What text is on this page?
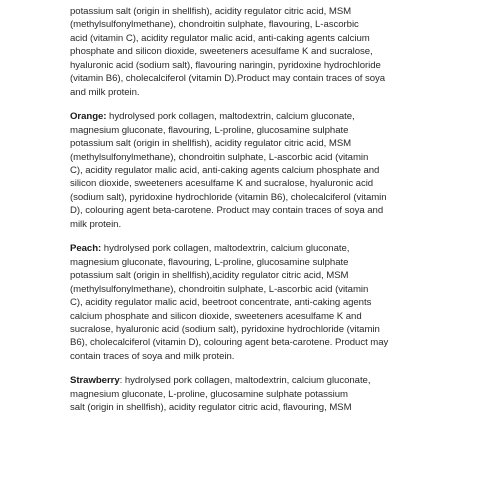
potassium salt (origin in shellfish), acidity regulator citric acid, MSM
(methylsulfonylmethane), chondroitin sulphate, flavouring, L-ascorbic
acid (vitamin C), acidity regulator malic acid, anti-caking agents calcium
phosphate and silicon dioxide, sweeteners acesulfame K and sucralose,
hyaluronic acid (sodium salt), flavouring naringin, pyridoxine hydrochloride
(vitamin B6), cholecalciferol (vitamin D).Product may contain traces of soya
and milk protein.

Orange: hydrolysed pork collagen, maltodextrin, calcium gluconate,
magnesium gluconate, flavouring, L-proline, glucosamine sulphate
potassium salt (origin in shellfish), acidity regulator citric acid, MSM
(methylsulfonylmethane), chondroitin sulphate, L-ascorbic acid (vitamin
C), acidity regulator malic acid, anti-caking agents calcium phosphate and
silicon dioxide, sweeteners acesulfame K and sucralose, hyaluronic acid
(sodium salt), pyridoxine hydrochloride (vitamin B6), cholecalciferol (vitamin
D), colouring agent beta-carotene. Product may contain traces of soya and
milk protein.

Peach: hydrolysed pork collagen, maltodextrin, calcium gluconate,
magnesium gluconate, flavouring, L-proline, glucosamine sulphate
potassium salt (origin in shellfish),acidity regulator citric acid, MSM
(methylsulfonylmethane), chondroitin sulphate, L-ascorbic acid (vitamin
C), acidity regulator malic acid, beetroot concentrate, anti-caking agents
calcium phosphate and silicon dioxide, sweeteners acesulfame K and
sucralose, hyaluronic acid (sodium salt), pyridoxine hydrochloride (vitamin
B6), cholecalciferol (vitamin D), colouring agent beta-carotene. Product may
contain traces of soya and milk protein.

Strawberry: hydrolysed pork collagen, maltodextrin, calcium gluconate,
magnesium gluconate, L-proline, glucosamine sulphate potassium
salt (origin in shellfish), acidity regulator citric acid, flavouring, MSM
